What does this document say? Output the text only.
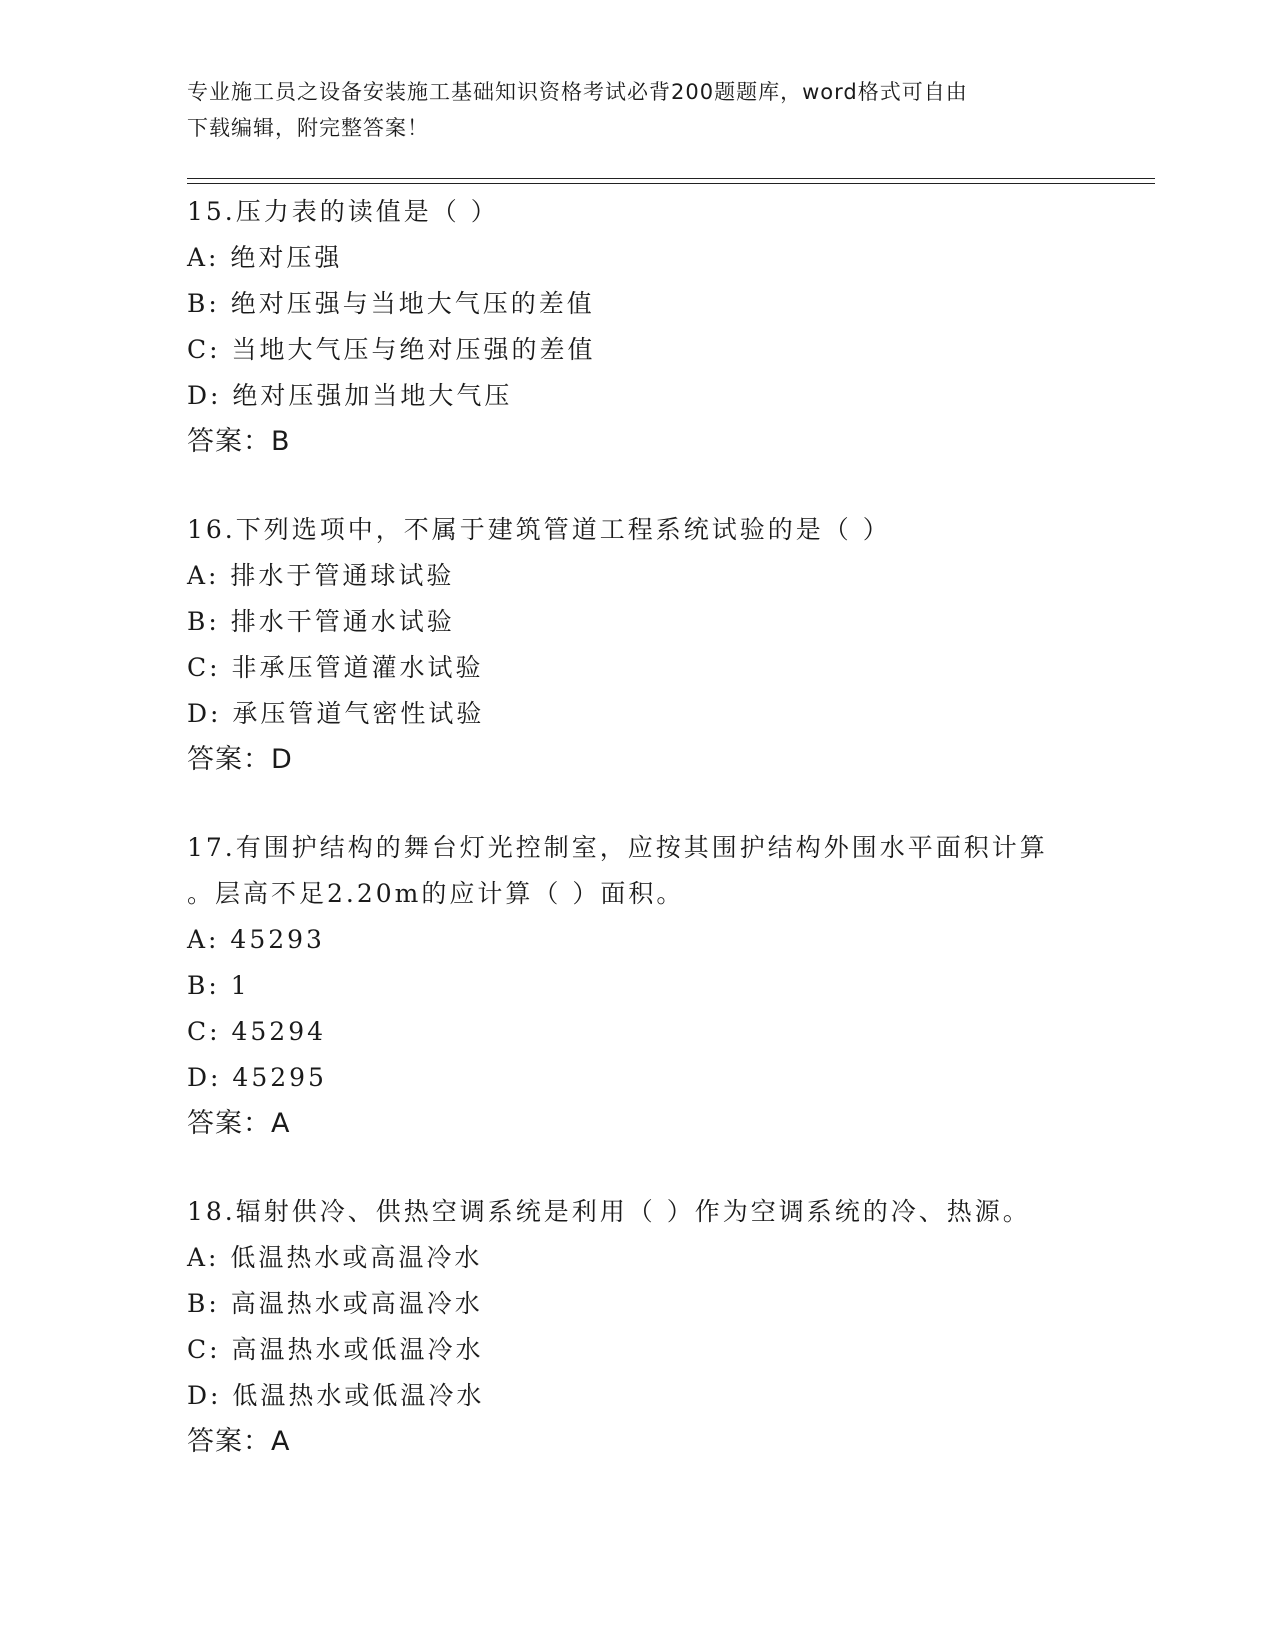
专业施工员之设备安装施工基础知识资格考试必背200题题库，word格式可自由
下载编辑，附完整答案！
15.压力表的读值是（ ）
A: 绝对压强
B: 绝对压强与当地大气压的差值
C: 当地大气压与绝对压强的差值
D: 绝对压强加当地大气压
答案：B
16.下列选项中，不属于建筑管道工程系统试验的是（ ）
A: 排水于管通球试验
B: 排水干管通水试验
C: 非承压管道灌水试验
D: 承压管道气密性试验
答案：D
17.有围护结构的舞台灯光控制室，应按其围护结构外围水平面积计算
。层高不足2.20m的应计算（ ）面积。
A: 45293
B: 1
C: 45294
D: 45295
答案：A
18.辐射供冷、供热空调系统是利用（ ）作为空调系统的冷、热源。
A: 低温热水或高温冷水
B: 高温热水或高温冷水
C: 高温热水或低温冷水
D: 低温热水或低温冷水
答案：A
